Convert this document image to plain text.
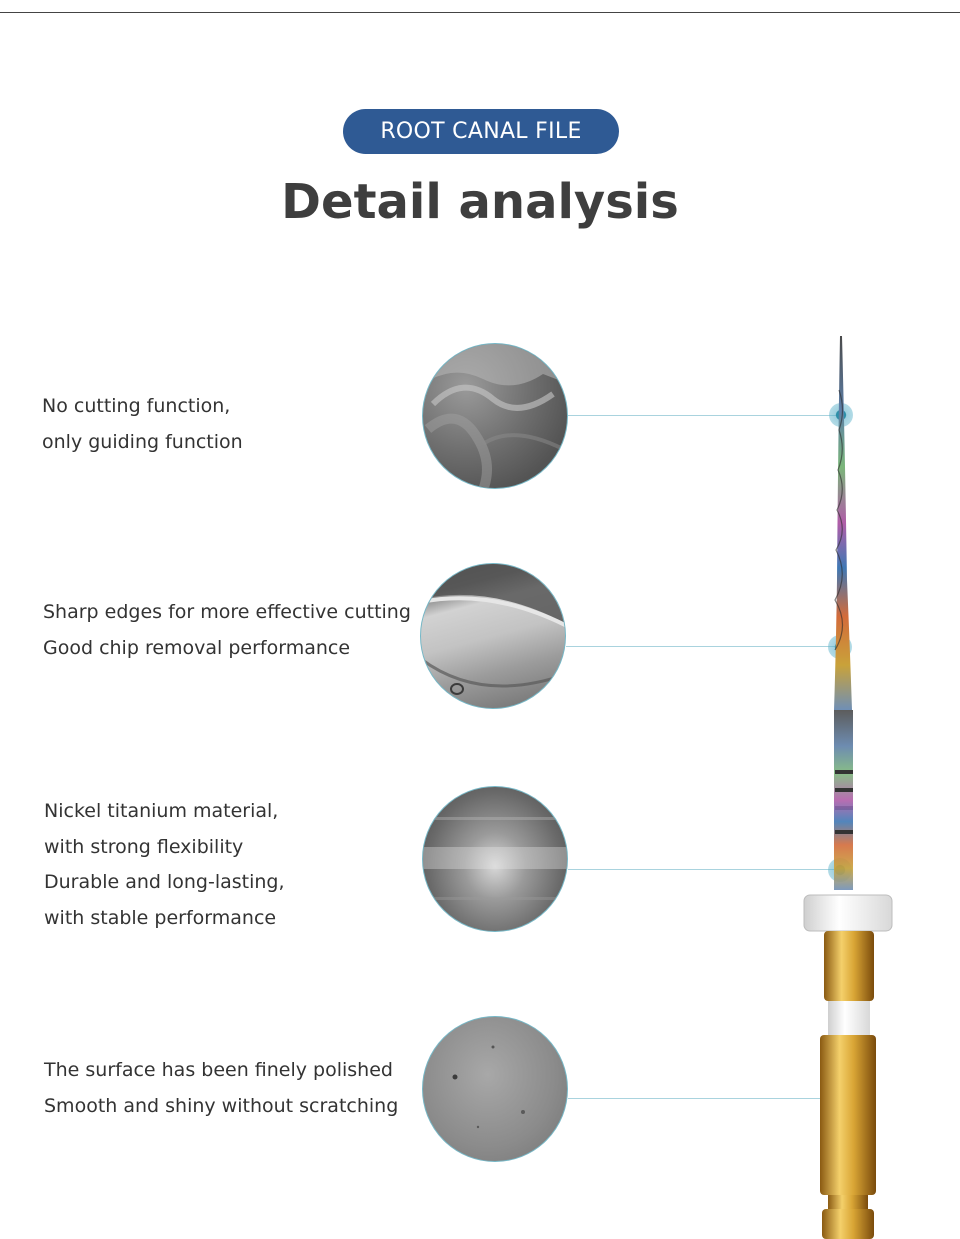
ROOT CANAL FILE
Detail analysis
No cutting function,
only guiding function
Sharp edges for more effective cutting
Good chip removal performance
Nickel titanium material,
with strong flexibility
Durable and long-lasting,
with stable performance
The surface has been finely polished
Smooth and shiny without scratching
